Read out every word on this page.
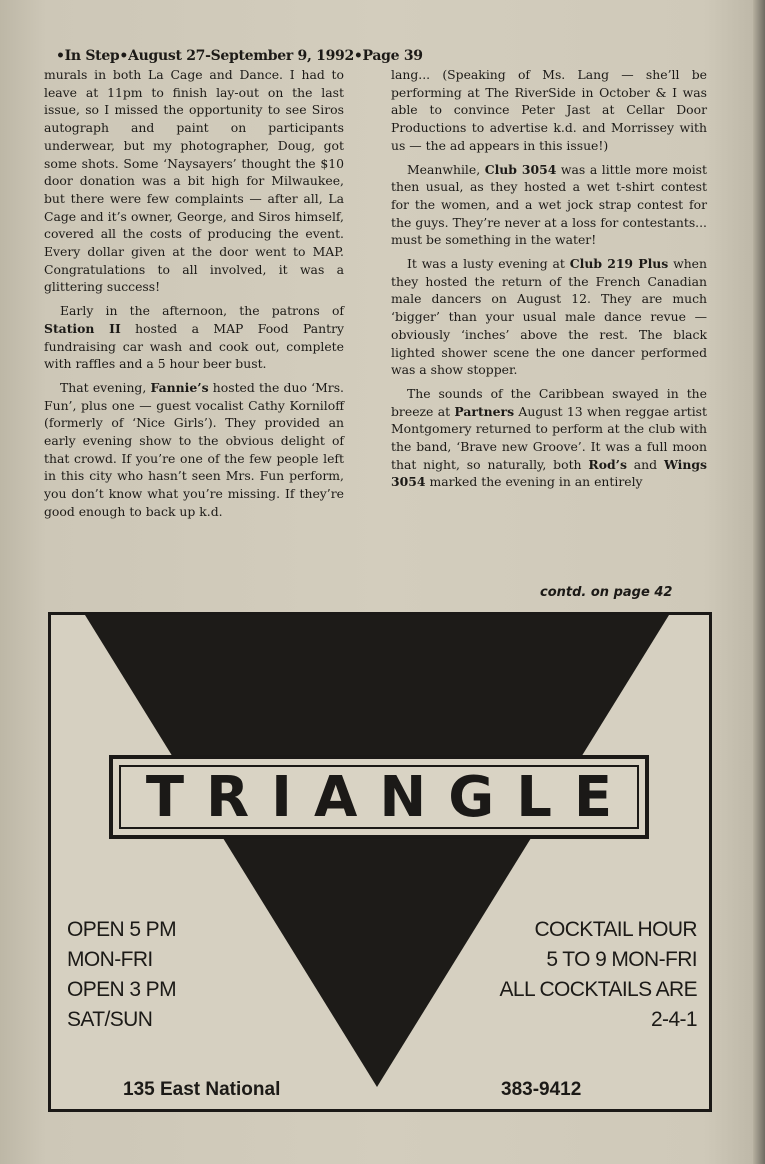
•In Step•August 27-September 9, 1992•Page 39

murals in both La Cage and Dance. I had to leave at 11pm to finish lay-out on the last issue, so I missed the opportunity to see Siros autograph and paint on participants underwear, but my photographer, Doug, got some shots. Some ‘Naysayers’ thought the $10 door donation was a bit high for Milwaukee, but there were few complaints — after all, La Cage and it’s owner, George, and Siros himself, covered all the costs of producing the event. Every dollar given at the door went to MAP. Congratulations to all involved, it was a glittering success!

Early in the afternoon, the patrons of Station II hosted a MAP Food Pantry fundraising car wash and cook out, complete with raffles and a 5 hour beer bust.

That evening, Fannie’s hosted the duo ‘Mrs. Fun’, plus one — guest vocalist Cathy Korniloff (formerly of ‘Nice Girls’). They provided an early evening show to the obvious delight of that crowd. If you’re one of the few people left in this city who hasn’t seen Mrs. Fun perform, you don’t know what you’re missing. If they’re good enough to back up k.d.

lang... (Speaking of Ms. Lang — she’ll be performing at The RiverSide in October & I was able to convince Peter Jast at Cellar Door Productions to advertise k.d. and Morrissey with us — the ad appears in this issue!)

Meanwhile, Club 3054 was a little more moist then usual, as they hosted a wet t-shirt contest for the women, and a wet jock strap contest for the guys. They’re never at a loss for contestants... must be something in the water!

It was a lusty evening at Club 219 Plus when they hosted the return of the French Canadian male dancers on August 12. They are much ‘bigger’ than your usual male dance revue — obviously ‘inches’ above the rest. The black lighted shower scene the one dancer performed was a show stopper.

The sounds of the Caribbean swayed in the breeze at Partners August 13 when reggae artist Montgomery returned to perform at the club with the band, ‘Brave new Groove’. It was a full moon that night, so naturally, both Rod’s and Wings 3054 marked the evening in an entirely

contd. on page 42
TRIANGLE
OPEN 5 PM
MON-FRI
OPEN 3 PM
SAT/SUN
COCKTAIL HOUR
5 TO 9 MON-FRI
ALL COCKTAILS ARE
2-4-1
135 East National	383-9412
